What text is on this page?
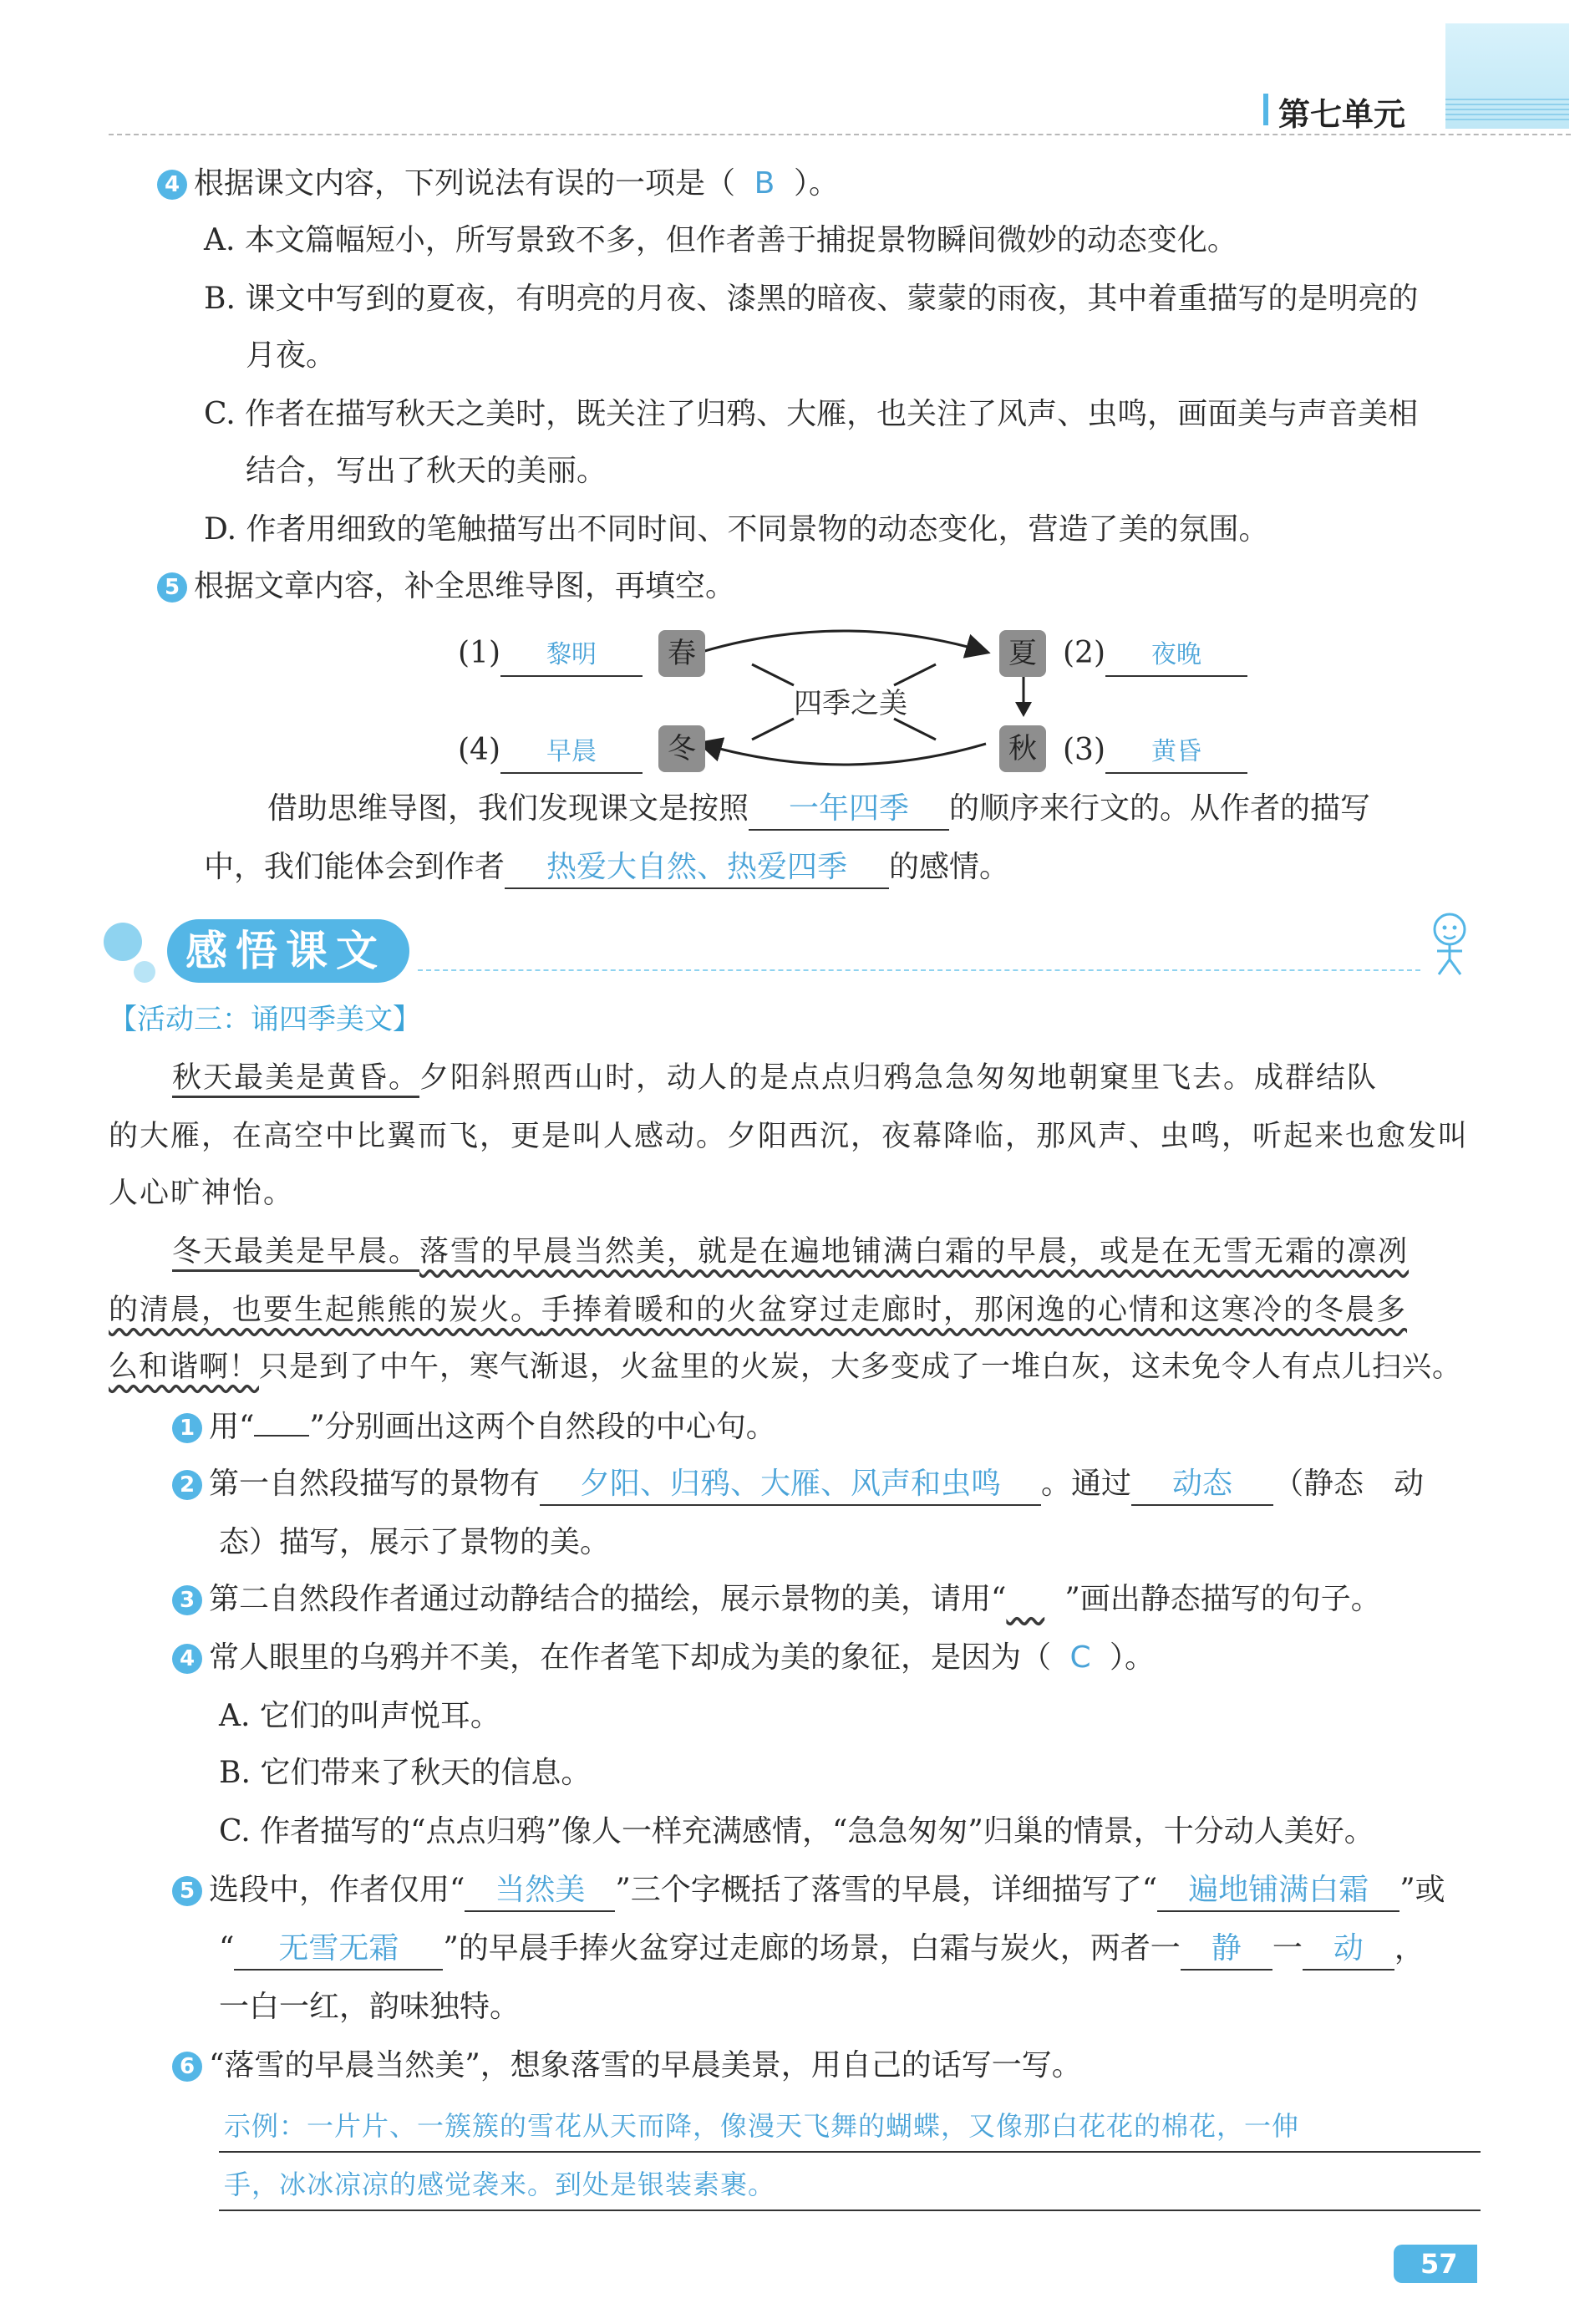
第七单元
4 根据课文内容，下列说法有误的一项是（ B ）。
A. 本文篇幅短小，所写景致不多，但作者善于捕捉景物瞬间微妙的动态变化。
B. 课文中写到的夏夜，有明亮的月夜、漆黑的暗夜、蒙蒙的雨夜，其中着重描写的是明亮的
月夜。
C. 作者在描写秋天之美时，既关注了归鸦、大雁，也关注了风声、虫鸣，画面美与声音美相
结合，写出了秋天的美丽。
D. 作者用细致的笔触描写出不同时间、不同景物的动态变化，营造了美的氛围。
5 根据文章内容，补全思维导图，再填空。
春	夏
秋
冬
四季之美
(1) 黎明	(2) 夜晚
(3) 黄昏
(4) 早晨
借助思维导图，我们发现课文是按照 一年四季 的顺序来行文的。从作者的描写
中，我们能体会到作者 热爱大自然、热爱四季 的感情。
感悟课文
【活动三：诵四季美文】
秋天最美是黄昏。夕阳斜照西山时，动人的是点点归鸦急急匆匆地朝窠里飞去。成群结队
的大雁，在高空中比翼而飞，更是叫人感动。夕阳西沉，夜幕降临，那风声、虫鸣，听起来也愈发叫
人心旷神怡。
冬天最美是早晨。落雪的早晨当然美，就是在遍地铺满白霜的早晨，或是在无雪无霜的凛冽
的清晨，也要生起熊熊的炭火。手捧着暖和的火盆穿过走廊时，那闲逸的心情和这寒冷的冬晨多
么和谐啊！只是到了中午，寒气渐退，火盆里的火炭，大多变成了一堆白灰，这未免令人有点儿扫兴。
1 用“ ”分别画出这两个自然段的中心句。
2 第一自然段描写的景物有 夕阳、归鸦、大雁、风声和虫鸣 。通过 动态 （静态　动
态）描写，展示了景物的美。
3 第二自然段作者通过动静结合的描绘，展示景物的美，请用“ ”画出静态描写的句子。
4 常人眼里的乌鸦并不美，在作者笔下却成为美的象征，是因为（ C ）。
A. 它们的叫声悦耳。
B. 它们带来了秋天的信息。
C. 作者描写的“点点归鸦”像人一样充满感情，“急急匆匆”归巢的情景，十分动人美好。
5 选段中，作者仅用“ 当然美 ”三个字概括了落雪的早晨，详细描写了“ 遍地铺满白霜 ”或
“ 无雪无霜 ”的早晨手捧火盆穿过走廊的场景，白霜与炭火，两者一 静 一 动 ，
一白一红，韵味独特。
6 “落雪的早晨当然美”，想象落雪的早晨美景，用自己的话写一写。
示例：一片片、一簇簇的雪花从天而降，像漫天飞舞的蝴蝶，又像那白花花的棉花，一伸
手，冰冰凉凉的感觉袭来。到处是银装素裹。
57
